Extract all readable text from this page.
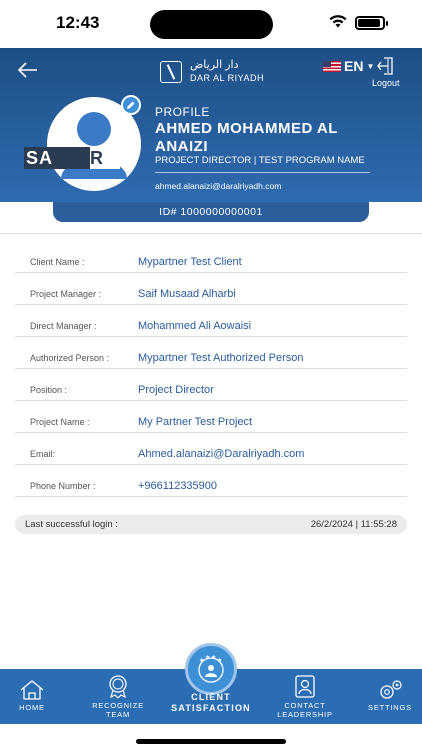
12:43
دار الرياض
DAR AL RIYADH
EN ▼
Logout
SA	R
PROFILE
AHMED MOHAMMED AL ANAIZI
PROJECT DIRECTOR | TEST PROGRAM NAME
ahmed.alanaizi@daralriyadh.com
ID# 1000000000001
Client Name :	Mypartner Test Client
Project Manager :	Saif Musaad Alharbi
Direct Manager :	Mohammed Ali Aowaisi
Authorized Person :	Mypartner Test Authorized Person
Position :	Project Director
Project Name :	My Partner Test Project
Email:	Ahmed.alanaizi@Daralriyadh.com
Phone Number :	+966112335900
Last successful login :	26/2/2024 | 11:55:28
HOME	RECOGNIZE
TEAM
CONTACT
LEADERSHIP
SETTINGS
★ ★ ★ ★
CLIENT
SATISFACTION
